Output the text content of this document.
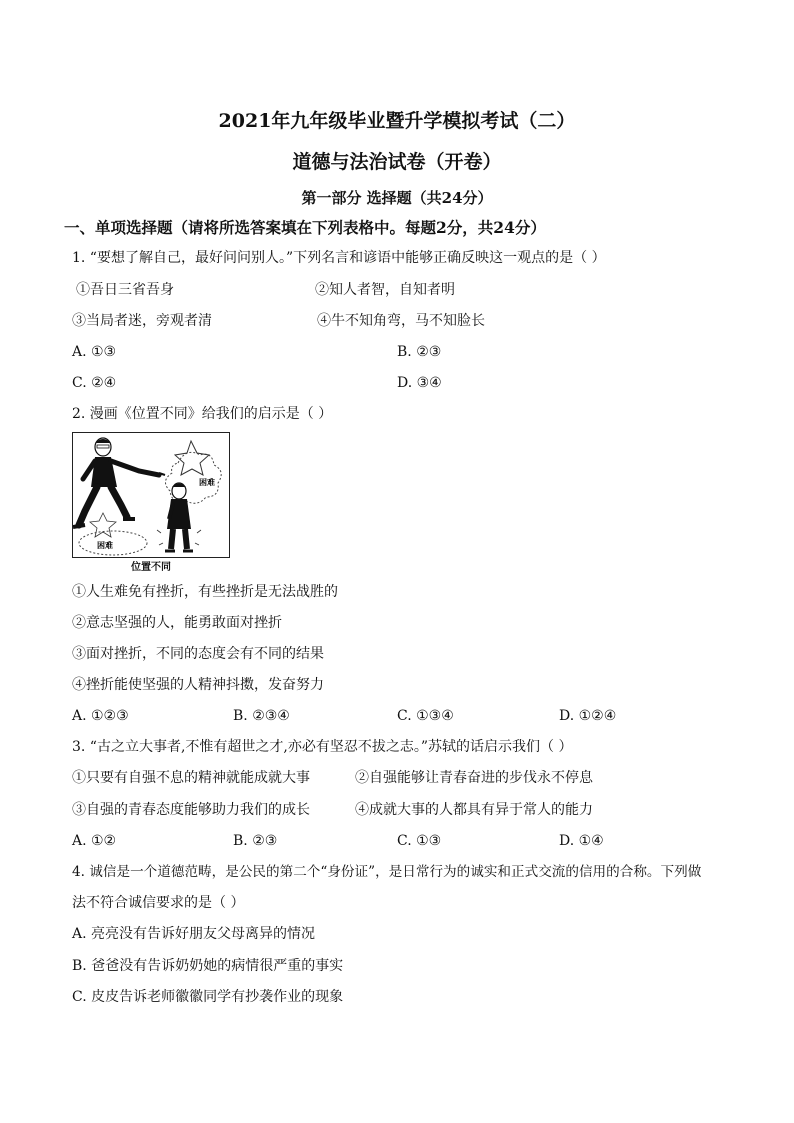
2021年九年级毕业暨升学模拟考试（二）
道德与法治试卷（开卷）
第一部分 选择题（共24分）
一、单项选择题（请将所选答案填在下列表格中。每题2分，共24分）
1. “要想了解自己，最好问问别人。”下列名言和谚语中能够正确反映这一观点的是（ ）
①吾日三省吾身	②知人者智，自知者明
③当局者迷，旁观者清	④牛不知角弯，马不知脸长
A. ①③	B. ②③
C. ②④	D. ③④
2. 漫画《位置不同》给我们的启示是（ ）
困难
困难
位置不同
①人生难免有挫折，有些挫折是无法战胜的
②意志坚强的人，能勇敢面对挫折
③面对挫折，不同的态度会有不同的结果
④挫折能使坚强的人精神抖擞，发奋努力
A. ①②③	B. ②③④	C. ①③④	D. ①②④
3. “古之立大事者,不惟有超世之才,亦必有坚忍不拔之志。”苏轼的话启示我们（ ）
①只要有自强不息的精神就能成就大事	②自强能够让青春奋进的步伐永不停息
③自强的青春态度能够助力我们的成长	④成就大事的人都具有异于常人的能力
A. ①②	B. ②③	C. ①③	D. ①④
4. 诚信是一个道德范畴，是公民的第二个“身份证”，是日常行为的诚实和正式交流的信用的合称。下列做
法不符合诚信要求的是（ ）
A. 亮亮没有告诉好朋友父母离异的情况
B. 爸爸没有告诉奶奶她的病情很严重的事实
C. 皮皮告诉老师徽徽同学有抄袭作业的现象
